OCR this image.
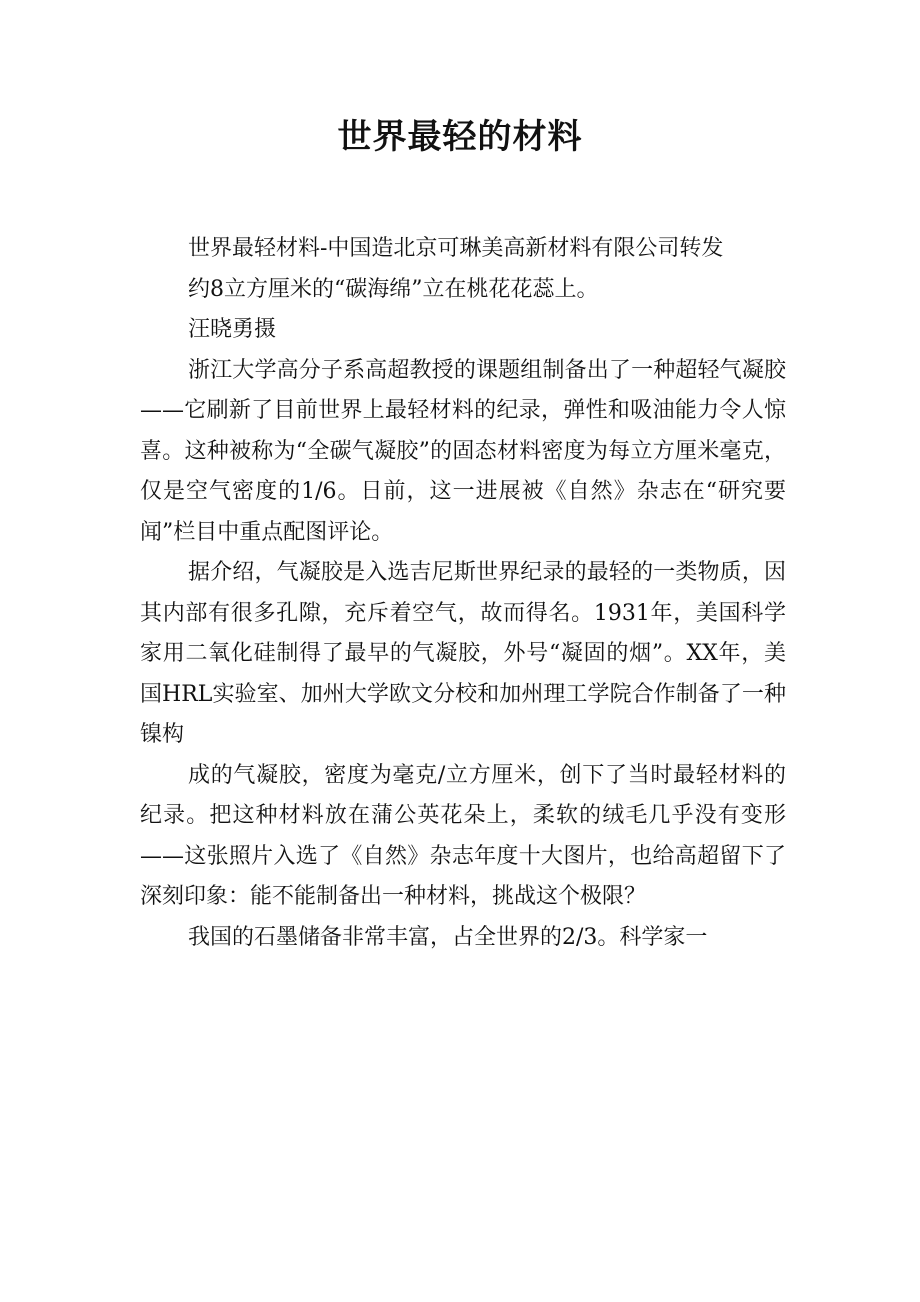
世界最轻的材料

世界最轻材料-中国造北京可琳美高新材料有限公司转发

约8立方厘米的“碳海绵”立在桃花花蕊上。

汪晓勇摄

浙江大学高分子系高超教授的课题组制备出了一种超轻气凝胶——它刷新了目前世界上最轻材料的纪录，弹性和吸油能力令人惊喜。这种被称为“全碳气凝胶”的固态材料密度为每立方厘米毫克，仅是空气密度的1/6。日前，这一进展被《自然》杂志在“研究要闻”栏目中重点配图评论。

据介绍，气凝胶是入选吉尼斯世界纪录的最轻的一类物质，因其内部有很多孔隙，充斥着空气，故而得名。1931年，美国科学家用二氧化硅制得了最早的气凝胶，外号“凝固的烟”。XX年，美国HRL实验室、加州大学欧文分校和加州理工学院合作制备了一种镍构

成的气凝胶，密度为毫克/立方厘米，创下了当时最轻材料的纪录。把这种材料放在蒲公英花朵上，柔软的绒毛几乎没有变形——这张照片入选了《自然》杂志年度十大图片，也给高超留下了深刻印象：能不能制备出一种材料，挑战这个极限？

我国的石墨储备非常丰富，占全世界的2/3。科学家一
